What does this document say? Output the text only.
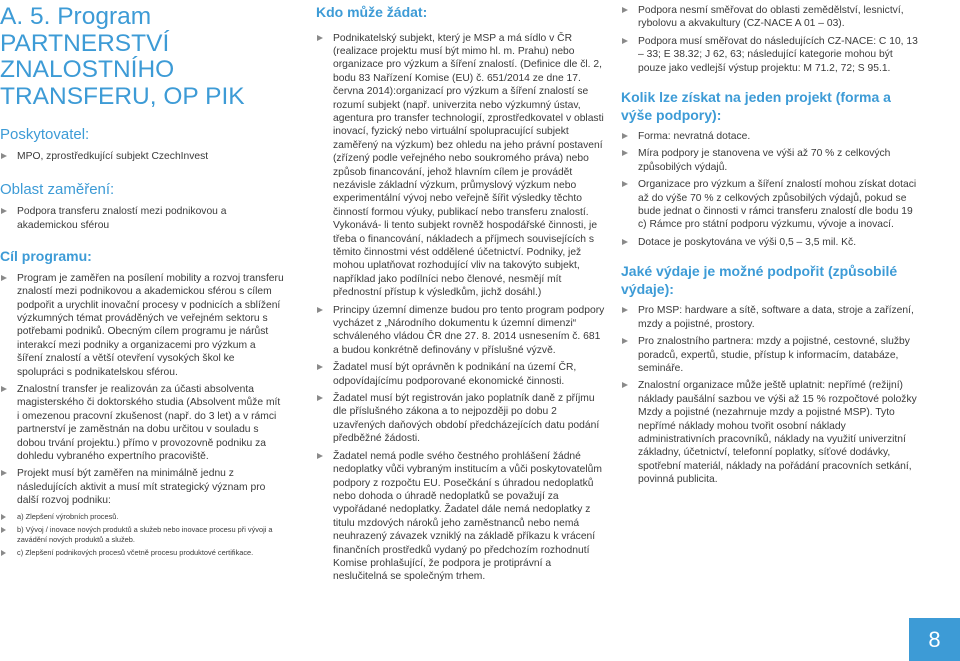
A. 5. Program
PARTNERSTVÍ
ZNALOSTNÍHO
TRANSFERU, OP PIK
Poskytovatel:
MPO, zprostředkující subjekt CzechInvest
Oblast zaměření:
Podpora transferu znalostí mezi podnikovou a akademickou sférou
Cíl programu:
Program je zaměřen na posílení mobility a rozvoj transferu znalostí mezi podnikovou a akademickou sférou s cílem podpořit a urychlit inovační procesy v podnicích a sblížení výzkumných témat prováděných ve veřejném sektoru s potřebami podniků. Obecným cílem programu je nárůst interakcí mezi podniky a organizacemi pro výzkum a šíření znalostí a větší otevření vysokých škol ke spolupráci s podnikatelskou sférou.
Znalostní transfer je realizován za účasti absolventa magisterského či doktorského studia (Absolvent může mít i omezenou pracovní zkušenost (např. do 3 let) a v rámci partnerství je zaměstnán na dobu určitou v souladu s dobou trvání projektu.) přímo v provozovně podniku za dohledu vybraného expertního pracoviště.
Projekt musí být zaměřen na minimálně jednu z následujících aktivit a musí mít strategický význam pro další rozvoj podniku:
a) Zlepšení výrobních procesů.
b) Vývoj / inovace nových produktů a služeb nebo inovace procesu při vývoji a zavádění nových produktů a služeb.
c) Zlepšení podnikových procesů včetně procesu produktové certifikace.
Kdo může žádat:
Podnikatelský subjekt, který je MSP a má sídlo v ČR (realizace projektu musí být mimo hl. m. Prahu) nebo organizace pro výzkum a šíření znalostí. (Definice dle čl. 2, bodu 83 Nařízení Komise (EU) č. 651/2014 ze dne 17. června 2014):organizací pro výzkum a šíření znalostí se rozumí subjekt (např. univerzita nebo výzkumný ústav, agentura pro transfer technologií, zprostředkovatel v oblasti inovací, fyzický nebo virtuální spolupracující subjekt zaměřený na výzkum) bez ohledu na jeho právní postavení (zřízený podle veřejného nebo soukromého práva) nebo způsob financování, jehož hlavním cílem je provádět nezávisle základní výzkum, průmyslový výzkum nebo experimentální vývoj nebo veřejně šířit výsledky těchto činností formou výuky, publikací nebo transferu znalostí. Vykonává- li tento subjekt rovněž hospodářské činnosti, je třeba o financování, nákladech a příjmech souvisejících s těmito činnostmi vést oddělené účetnictví. Podniky, jež mohou uplatňovat rozhodující vliv na takovýto subjekt, například jako podílníci nebo členové, nesmějí mít přednostní přístup k výsledkům, jichž dosáhl.)
Principy územní dimenze budou pro tento program podpory vycházet z „Národního dokumentu k územní dimenzi“ schváleného vládou ČR dne 27. 8. 2014 usnesením č. 681 a budou konkrétně definovány v příslušné výzvě.
Žadatel musí být oprávněn k podnikání na území ČR, odpovídajícímu podporované ekonomické činnosti.
Žadatel musí být registrován jako poplatník daně z příjmu dle příslušného zákona a to nejpozději po dobu 2 uzavřených daňových období předcházejících datu podání předběžné žádosti.
Žadatel nemá podle svého čestného prohlášení žádné nedoplatky vůči vybraným institucím a vůči poskytovatelům podpory z rozpočtu EU. Posečkání s úhradou nedoplatků nebo dohoda o úhradě nedoplatků se považují za vypořádané nedoplatky. Žadatel dále nemá nedoplatky z titulu mzdových nároků jeho zaměstnanců nebo nemá neuhrazený závazek vzniklý na základě příkazu k vrácení finančních prostředků vydaný po předchozím rozhodnutí Komise prohlašující, že podpora je protiprávní a neslučitelná se společným trhem.
Podpora nesmí směřovat do oblasti zemědělství, lesnictví, rybolovu a akvakultury (CZ-NACE A 01 – 03).
Podpora musí směřovat do následujících CZ-NACE: C 10, 13 – 33; E 38.32; J 62, 63; následující kategorie mohou být pouze jako vedlejší výstup projektu: M 71.2, 72; S 95.1.
Kolik lze získat na jeden projekt (forma a výše podpory):
Forma: nevratná dotace.
Míra podpory je stanovena ve výši až 70 % z celkových způsobilých výdajů.
Organizace pro výzkum a šíření znalostí mohou získat dotaci až do výše 70 % z celkových způsobilých výdajů, pokud se bude jednat o činnosti v rámci transferu znalostí dle bodu 19 c) Rámce pro státní podporu výzkumu, vývoje a inovací.
Dotace je poskytována ve výši 0,5 – 3,5 mil. Kč.
Jaké výdaje je možné podpořit (způsobilé výdaje):
Pro MSP: hardware a sítě, software a data, stroje a zařízení, mzdy a pojistné, prostory.
Pro znalostního partnera: mzdy a pojistné, cestovné, služby poradců, expertů, studie, přístup k informacím, databáze, semináře.
Znalostní organizace může ještě uplatnit: nepřímé (režijní) náklady paušální sazbou ve výši až 15 % rozpočtové položky Mzdy a pojistné (nezahrnuje mzdy a pojistné MSP). Tyto nepřímé náklady mohou tvořit osobní náklady administrativních pracovníků, náklady na využití univerzitní základny, účetnictví, telefonní poplatky, síťové dodávky, spotřební materiál, náklady na pořádání pracovních setkání, povinná publicita.
8
